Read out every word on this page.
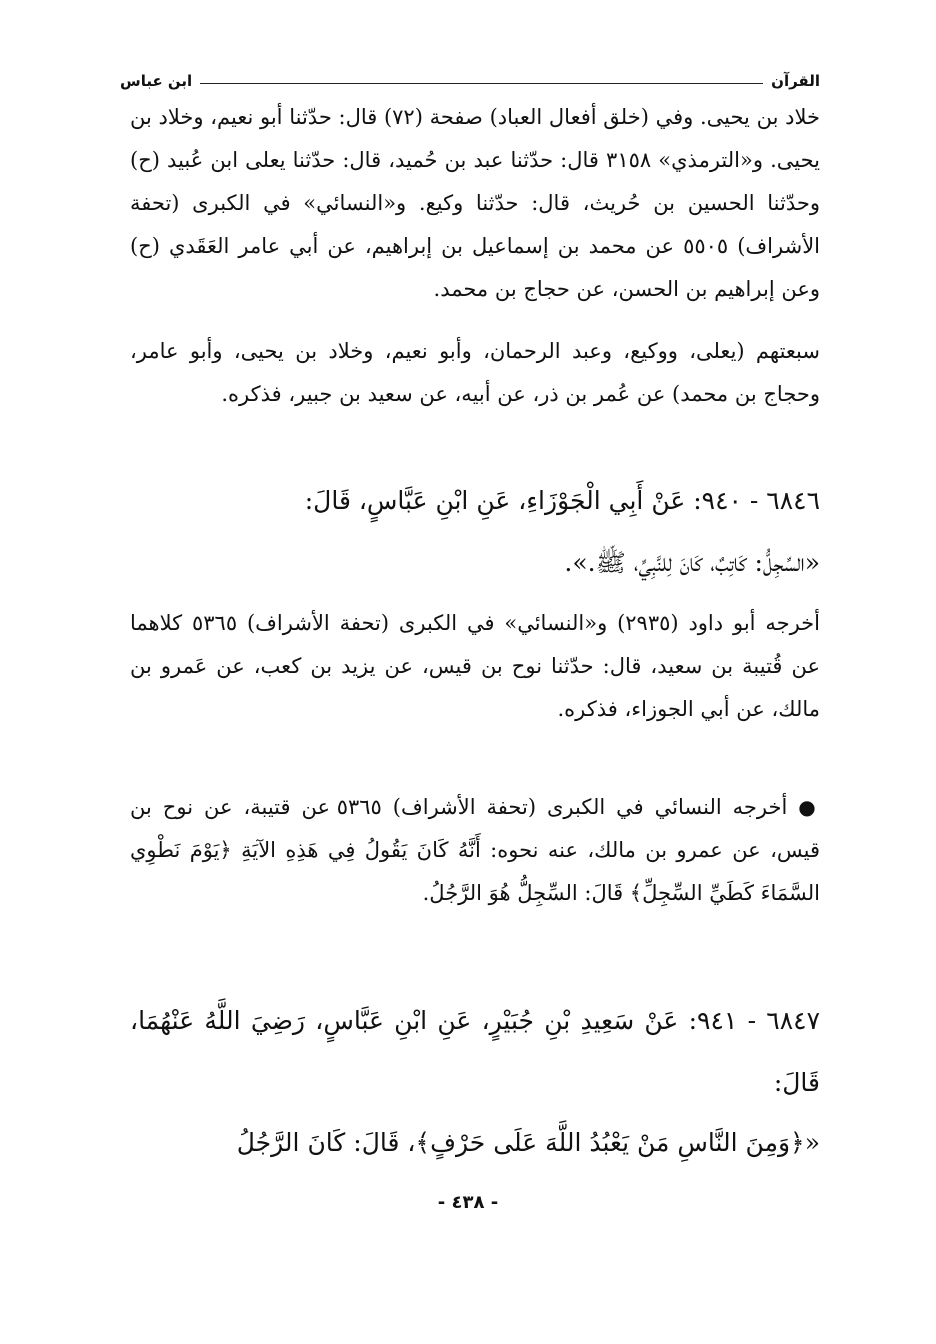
القرآن
ابن عباس

خلاد بن يحيى. وفي (خلق أفعال العباد) صفحة (٧٢) قال: حدّثنا أبو نعيم، وخلاد بن يحيى. و«الترمذي» ٣١٥٨ قال: حدّثنا عبد بن حُميد، قال: حدّثنا يعلى ابن عُبيد (ح) وحدّثنا الحسين بن حُريث، قال: حدّثنا وكيع. و«النسائي» في الكبرى (تحفة الأشراف) ٥٥٠٥ عن محمد بن إسماعيل بن إبراهيم، عن أبي عامر العَقَدي (ح) وعن إبراهيم بن الحسن، عن حجاج بن محمد.

سبعتهم (يعلى، ووكيع، وعبد الرحمان، وأبو نعيم، وخلاد بن يحيى، وأبو عامر، وحجاج بن محمد) عن عُمر بن ذر، عن أبيه، عن سعيد بن جبير، فذكره.

٦٨٤٦ - ٩٤٠: عَنْ أَبِي الْجَوْزَاءِ، عَنِ ابْنِ عَبَّاسٍ، قَالَ:

«السِّجِلُّ: كَاتِبٌ، كَانَ لِلنَّبِيِّ، ﷺ.».

أخرجه أبو داود (٢٩٣٥) و«النسائي» في الكبرى (تحفة الأشراف) ٥٣٦٥ كلاهما عن قُتيبة بن سعيد، قال: حدّثنا نوح بن قيس، عن يزيد بن كعب، عن عَمرو بن مالك، عن أبي الجوزاء، فذكره.

● أخرجه النسائي في الكبرى (تحفة الأشراف) ٥٣٦٥ عن قتيبة، عن نوح بن قيس، عن عمرو بن مالك، عنه نحوه: أَنَّهُ كَانَ يَقُولُ فِي هَذِهِ الآيَةِ ﴿يَوْمَ نَطْوِي السَّمَاءَ كَطَيِّ السِّجِلِّ﴾ قَالَ: السِّجِلُّ هُوَ الرَّجُلُ.

٦٨٤٧ - ٩٤١: عَنْ سَعِيدِ بْنِ جُبَيْرٍ، عَنِ ابْنِ عَبَّاسٍ، رَضِيَ اللَّهُ عَنْهُمَا، قَالَ:

«﴿وَمِنَ النَّاسِ مَنْ يَعْبُدُ اللَّهَ عَلَى حَرْفٍ﴾، قَالَ: كَانَ الرَّجُلُ

- ٤٣٨ -
